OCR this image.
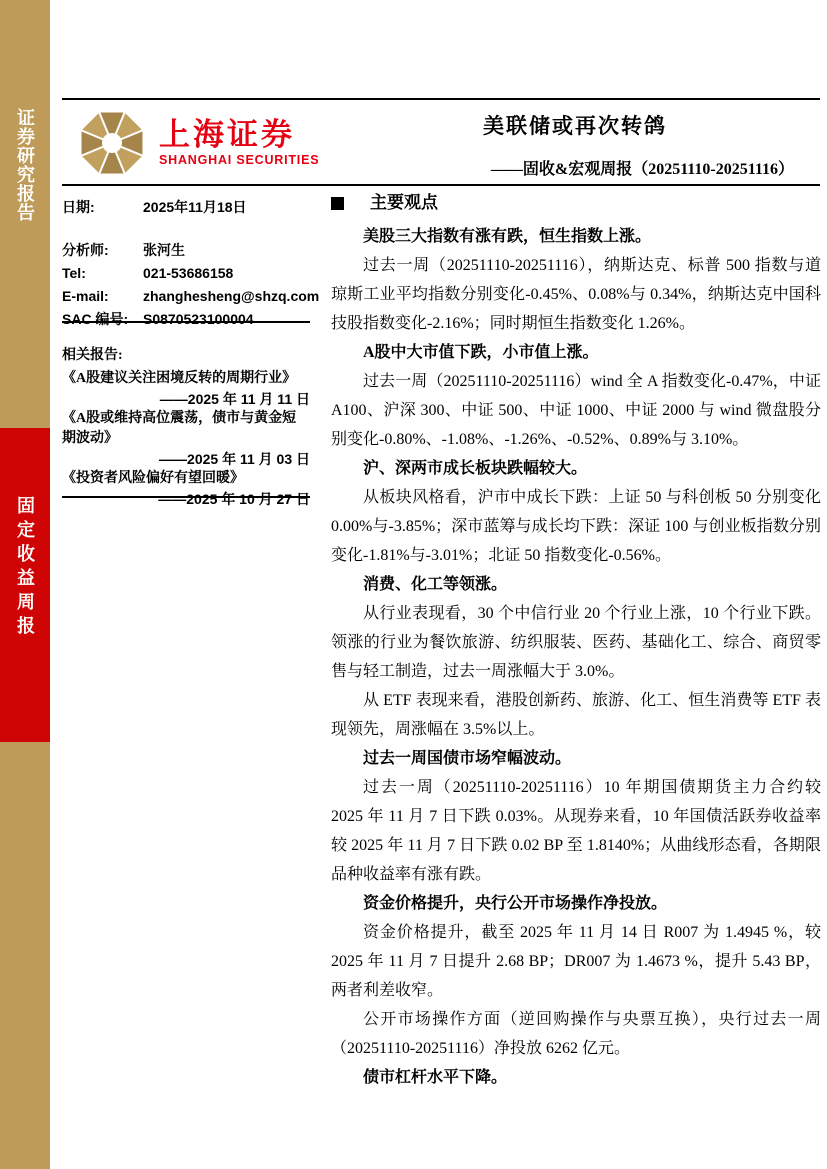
证券研究报告
固定收益周报
上海证券
SHANGHAI SECURITIES
美联储或再次转鸽
——固收&宏观周报（20251110-20251116）
日期:	2025年11月18日
分析师:	张河生
Tel:	021-53686158
E-mail:	zhanghesheng@shzq.com
SAC 编号:	S0870523100004
相关报告:
《A股建议关注困境反转的周期行业》
——2025 年 11 月 11 日
《A股或维持高位震荡，债市与黄金短期波动》
——2025 年 11 月 03 日
《投资者风险偏好有望回暖》
——2025 年 10 月 27 日
主要观点
美股三大指数有涨有跌，恒生指数上涨。
过去一周（20251110-20251116），纳斯达克、标普 500 指数与道琼斯工业平均指数分别变化-0.45%、0.08%与 0.34%，纳斯达克中国科技股指数变化-2.16%；同时期恒生指数变化 1.26%。
A股中大市值下跌，小市值上涨。
过去一周（20251110-20251116）wind 全 A 指数变化-0.47%，中证 A100、沪深 300、中证 500、中证 1000、中证 2000 与 wind 微盘股分别变化-0.80%、-1.08%、-1.26%、-0.52%、0.89%与 3.10%。
沪、深两市成长板块跌幅较大。
从板块风格看，沪市中成长下跌：上证 50 与科创板 50 分别变化 0.00%与-3.85%；深市蓝筹与成长均下跌：深证 100 与创业板指数分别变化-1.81%与-3.01%；北证 50 指数变化-0.56%。
消费、化工等领涨。
从行业表现看，30 个中信行业 20 个行业上涨，10 个行业下跌。领涨的行业为餐饮旅游、纺织服装、医药、基础化工、综合、商贸零售与轻工制造，过去一周涨幅大于 3.0%。
从 ETF 表现来看，港股创新药、旅游、化工、恒生消费等 ETF 表现领先，周涨幅在 3.5%以上。
过去一周国债市场窄幅波动。
过去一周（20251110-20251116）10 年期国债期货主力合约较 2025 年 11 月 7 日下跌 0.03%。从现券来看，10 年国债活跃券收益率较 2025 年 11 月 7 日下跌 0.02 BP 至 1.8140%；从曲线形态看，各期限品种收益率有涨有跌。
资金价格提升，央行公开市场操作净投放。
资金价格提升，截至 2025 年 11 月 14 日 R007 为 1.4945 %，较 2025 年 11 月 7 日提升 2.68 BP；DR007 为 1.4673 %，提升 5.43 BP，两者利差收窄。
公开市场操作方面（逆回购操作与央票互换），央行过去一周（20251110-20251116）净投放 6262 亿元。
债市杠杆水平下降。
